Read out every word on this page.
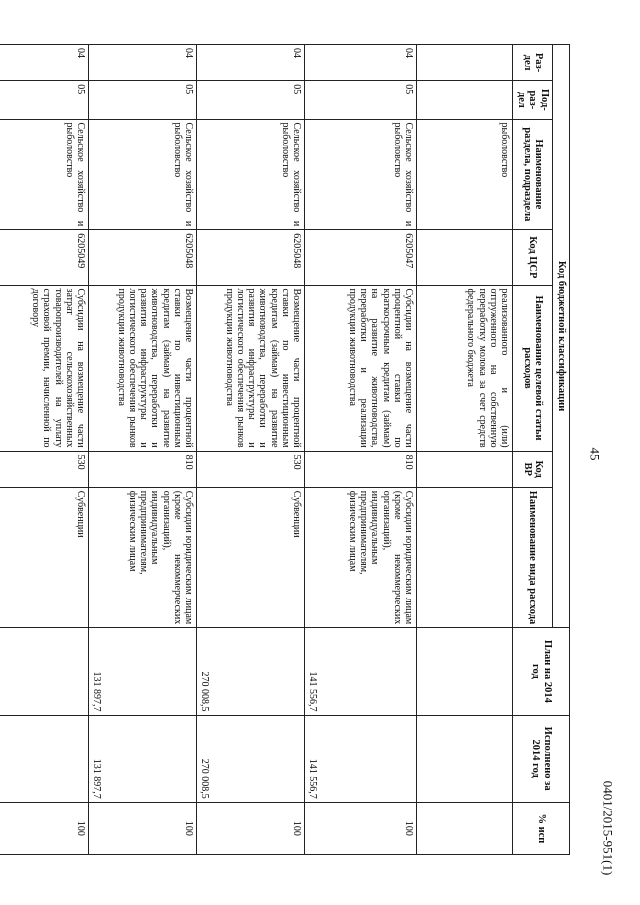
45
Код бюджетной классификации							План на 2014 год	Исполнено за 2014 год	% исп
Раз-дел	Под-раз-дел	Наименование раздела, подраздела	Код ЦСР	Наименование целевой статьи расходов	Код ВР	Наименование вида расхода			
		рыболовство		реализованного и (или) отгруженного на собственную переработку молока за счет средств федерального бюджета					
04	05	Сельское хозяйство и рыболовство	6205047	Субсидии на возмещение части процентной ставки по краткосрочным кредитам (займам) на развитие животноводства, переработки и реализации продукции животноводства	810	Субсидии юридическим лицам (кроме некоммерческих организаций), индивидуальным предпринимателям, физическим лицам	141 556,7	141 556,7	100
04	05	Сельское хозяйство и рыболовство	6205048	Возмещение части процентной ставки по инвестиционным кредитам (займам) на развитие животноводства, переработки и развития инфраструктуры и логистического обеспечения рынков продукции животноводства	530	Субвенции	270 008,5	270 008,5	100
04	05	Сельское хозяйство и рыболовство	6205048	Возмещение части процентной ставки по инвестиционным кредитам (займам) на развитие животноводства, переработки и развития инфраструктуры и логистического обеспечения рынков продукции животноводства	810	Субсидии юридическим лицам (кроме некоммерческих организаций), индивидуальным предпринимателям, физическим лицам	131 897,7	131 897,7	100
04	05	Сельское хозяйство и рыболовство	6205049	Субсидии на возмещение части затрат сельскохозяйственных товаропроизводителей на уплату страховой премии, начисленной по договору	530	Субвенции			100	0401/2015-951(1)
